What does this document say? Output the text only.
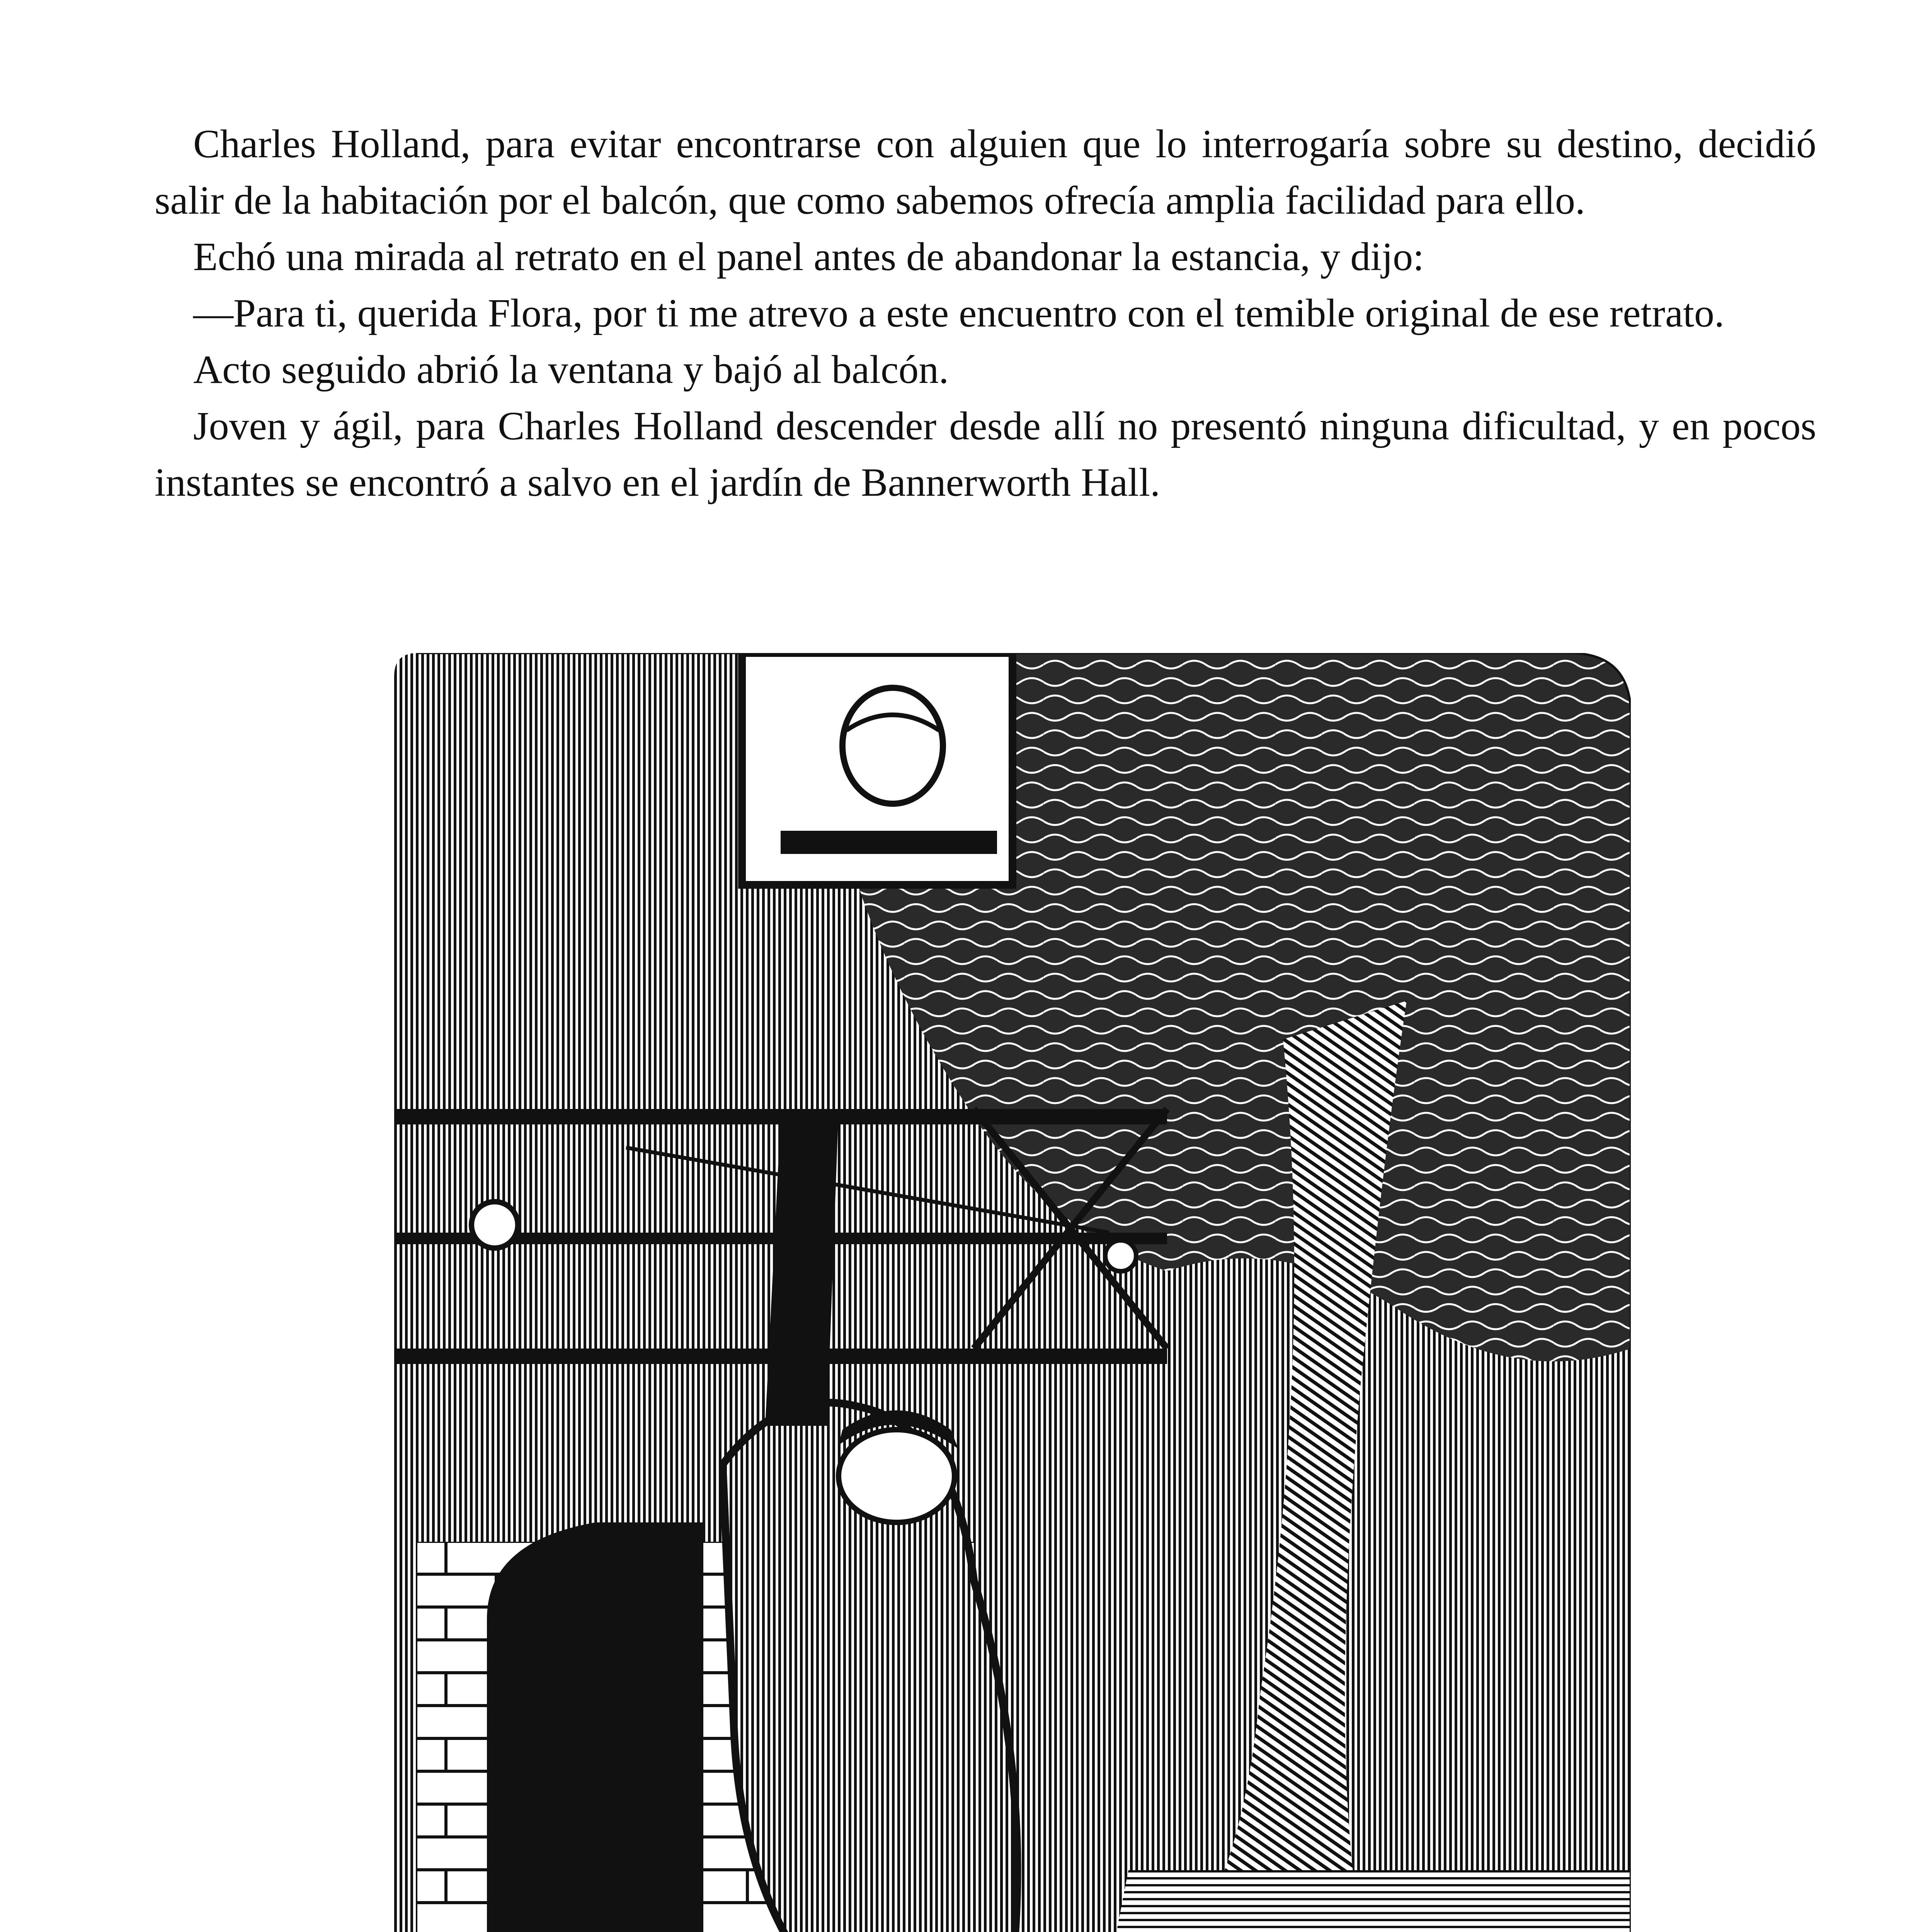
Charles Holland, para evitar encontrarse con alguien que lo interrogaría sobre su destino, decidió salir de la habitación por el balcón, que como sabemos ofrecía amplia facilidad para ello.

Echó una mirada al retrato en el panel antes de abandonar la estancia, y dijo:

—Para ti, querida Flora, por ti me atrevo a este encuentro con el temible original de ese retrato.

Acto seguido abrió la ventana y bajó al balcón.

Joven y ágil, para Charles Holland descender desde allí no presentó ninguna dificultad, y en pocos instantes se encontró a salvo en el jardín de Bannerworth Hall.
